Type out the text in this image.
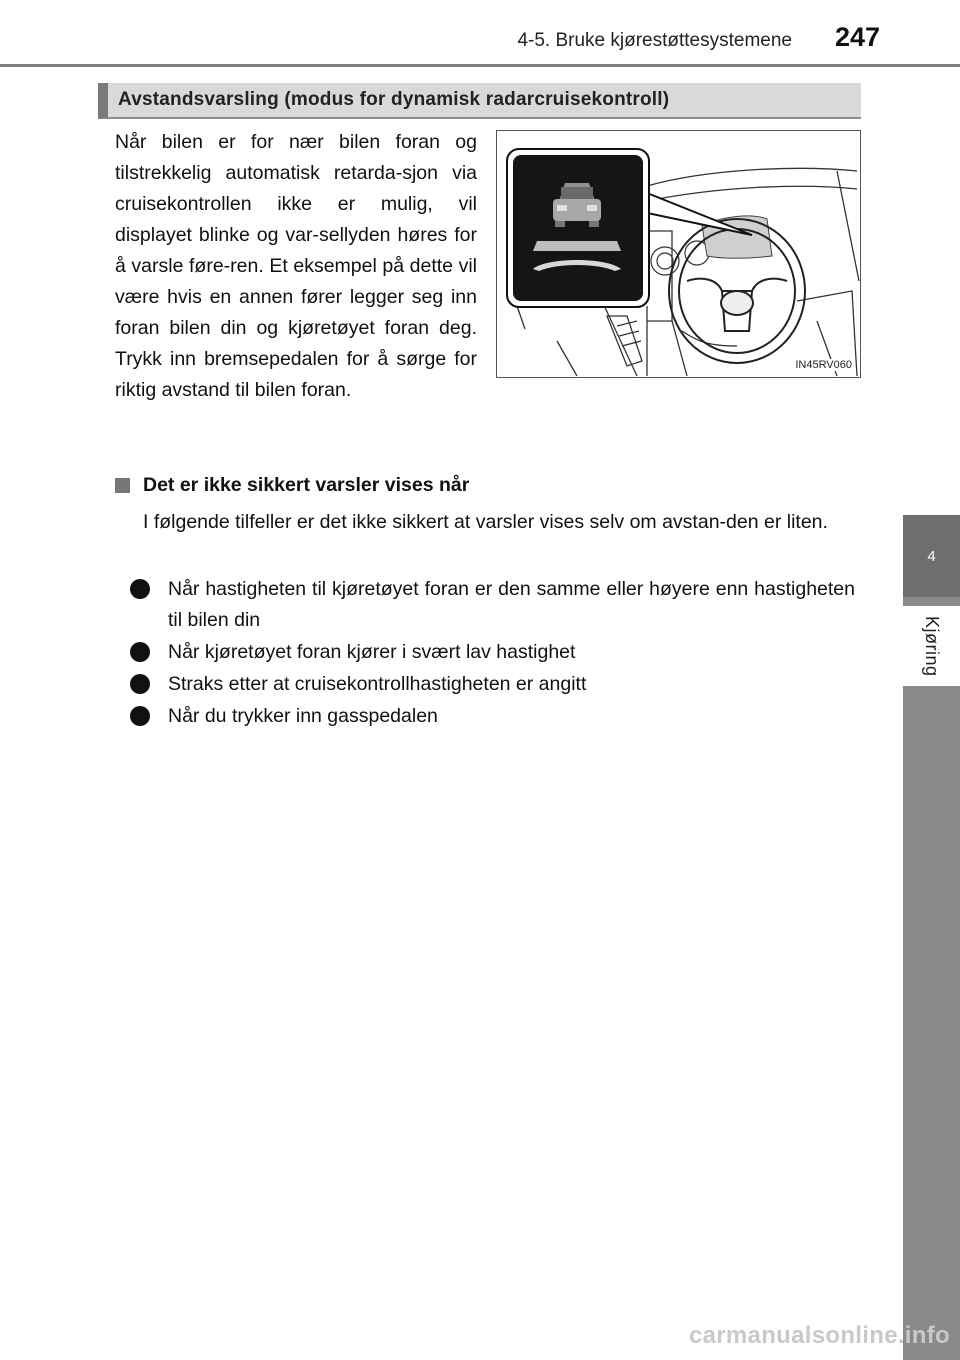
4-5. Bruke kjørestøttesystemene 247
4
Kjøring
Avstandsvarsling (modus for dynamisk radarcruisekontroll)
Når bilen er for nær bilen foran og tilstrekkelig automatisk retarda-sjon via cruisekontrollen ikke er mulig, vil displayet blinke og var-sellyden høres for å varsle føre-ren. Et eksempel på dette vil være hvis en annen fører legger seg inn foran bilen din og kjøretøyet foran deg. Trykk inn bremsepedalen for å sørge for riktig avstand til bilen foran.
IN45RV060
Det er ikke sikkert varsler vises når
I følgende tilfeller er det ikke sikkert at varsler vises selv om avstan-den er liten.
Når hastigheten til kjøretøyet foran er den samme eller høyere enn hastigheten til bilen din
Når kjøretøyet foran kjører i svært lav hastighet
Straks etter at cruisekontrollhastigheten er angitt
Når du trykker inn gasspedalen
carmanualsonline.info
